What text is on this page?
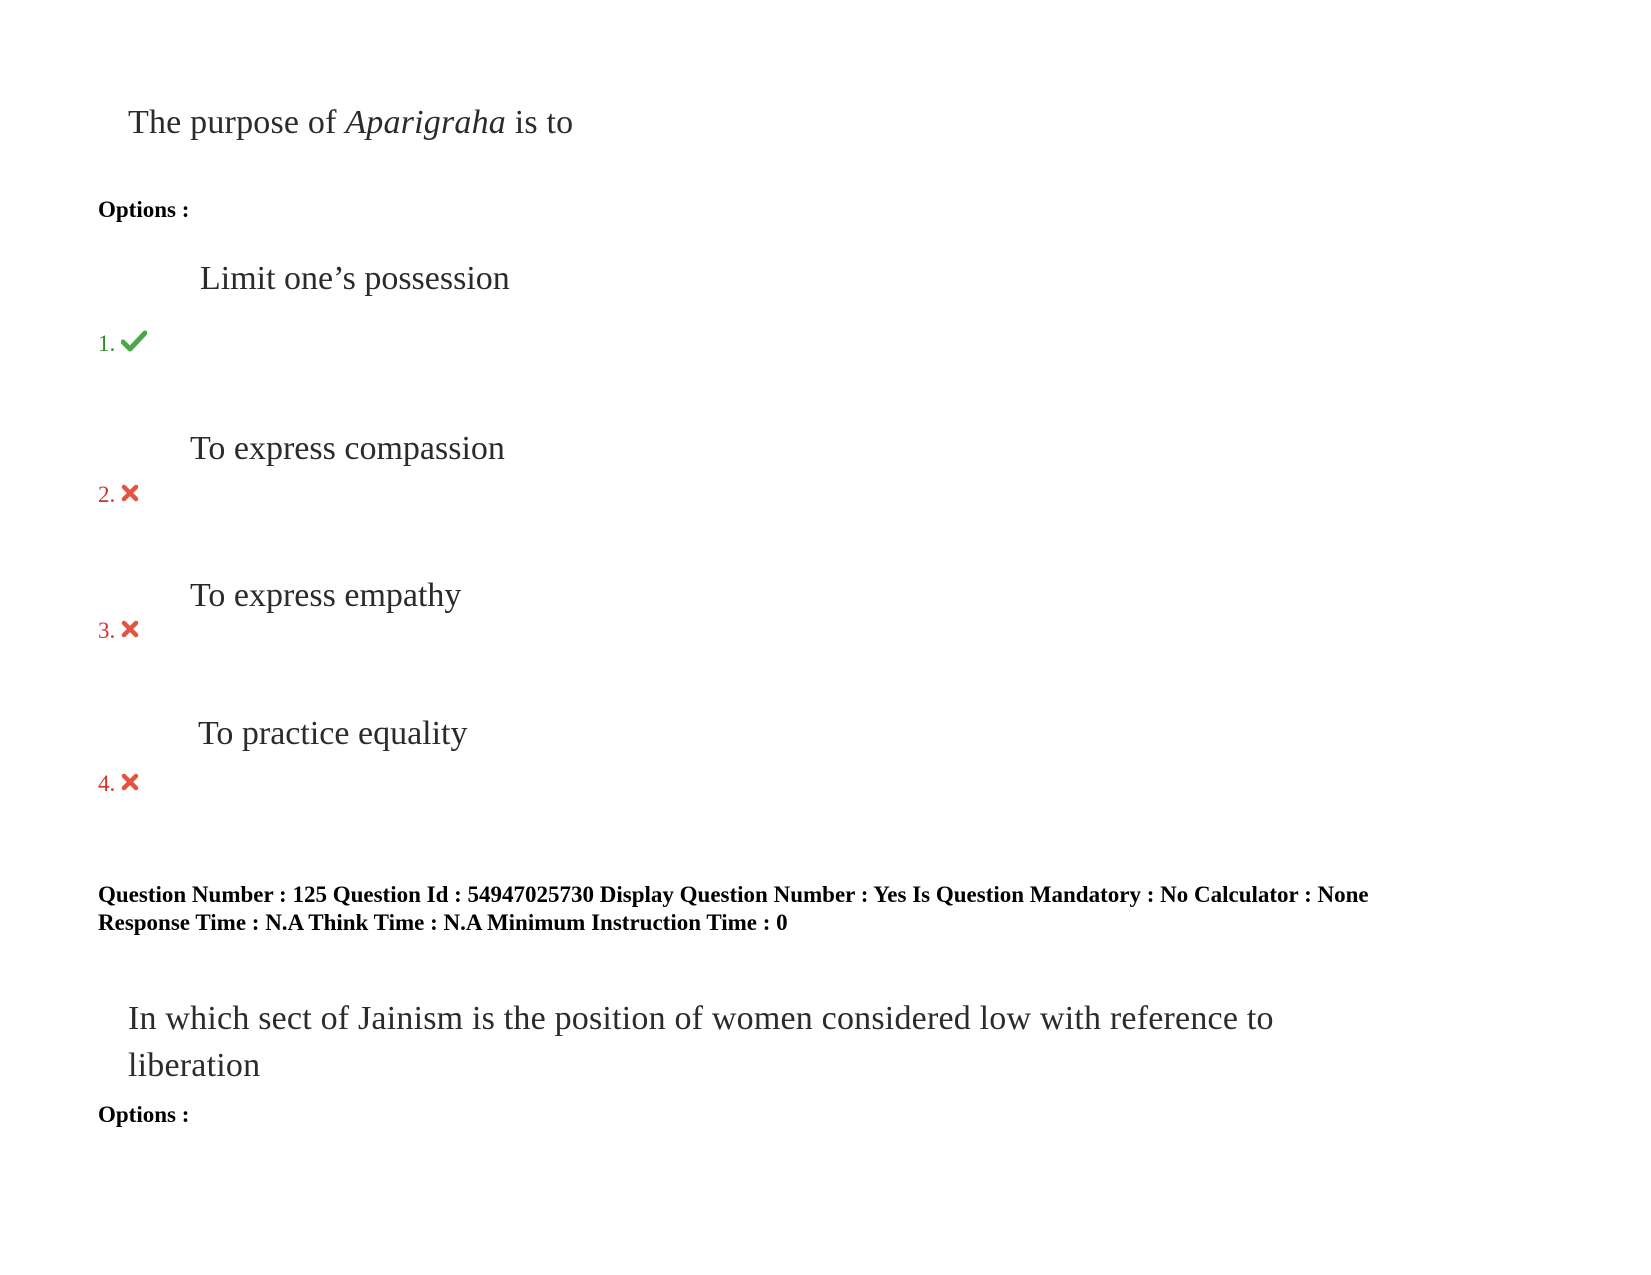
The purpose of Aparigraha is to
Options :
Limit one’s possession
1.
To express compassion
2.
To express empathy
3.
To practice equality
4.
Question Number : 125 Question Id : 54947025730 Display Question Number : Yes Is Question Mandatory : No Calculator : None
Response Time : N.A Think Time : N.A Minimum Instruction Time : 0
In which sect of Jainism is the position of women considered low with reference to
liberation
Options :
